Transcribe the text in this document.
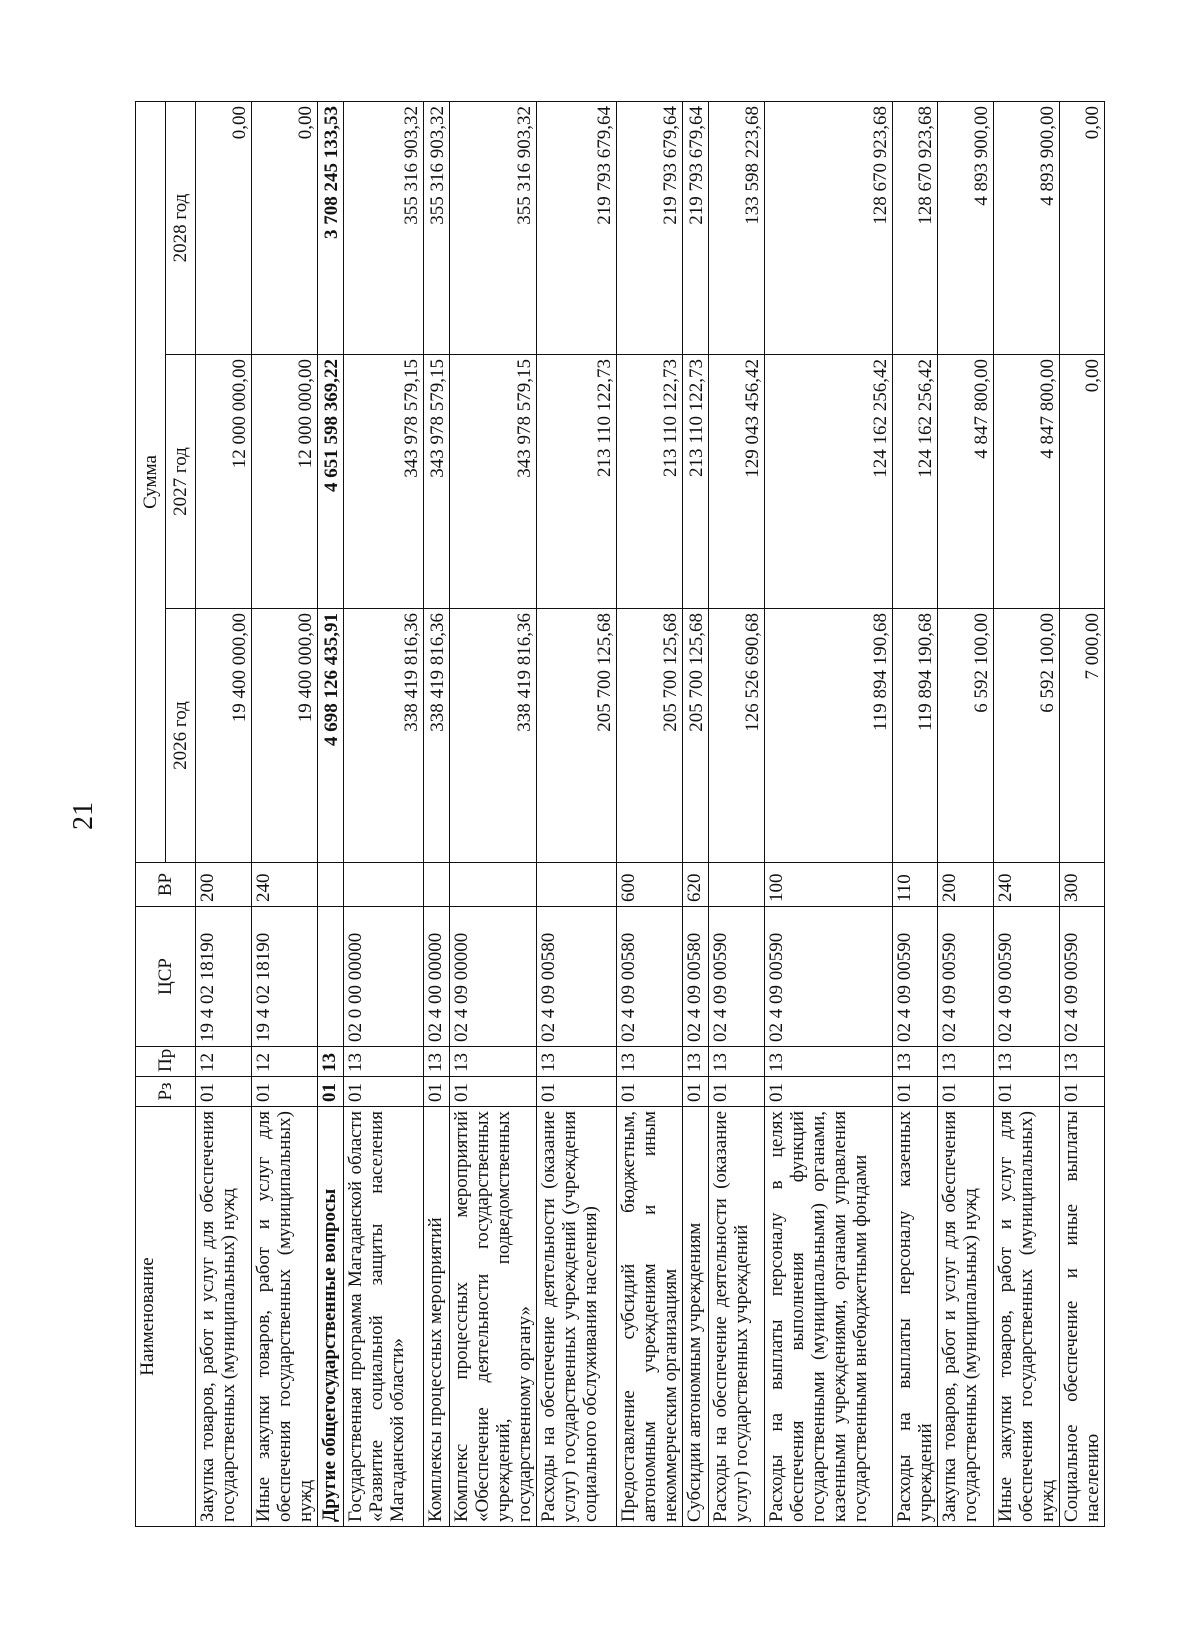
21
Наименование	Рз	Пр	ЦСР	ВР	Сумма		
					2026 год	2027 год	2028 год
Закупка товаров, работ и услуг для обеспечения государственных (муниципальных) нужд	01	12	19 4 02 18190	200	19 400 000,00	12 000 000,00	0,00
Иные закупки товаров, работ и услуг для обеспечения государственных (муниципальных) нужд	01	12	19 4 02 18190	240	19 400 000,00	12 000 000,00	0,00
Другие общегосударственные вопросы	01	13			4 698 126 435,91	4 651 598 369,22	3 708 245 133,53
Государственная программа Магаданской области «Развитие социальной защиты населения Магаданской области»	01	13	02 0 00 00000		338 419 816,36	343 978 579,15	355 316 903,32
Комплексы процессных мероприятий	01	13	02 4 00 00000		338 419 816,36	343 978 579,15	355 316 903,32
Комплекс процессных мероприятий «Обеспечение деятельности государственных учреждений, подведомственных государственному органу»	01	13	02 4 09 00000		338 419 816,36	343 978 579,15	355 316 903,32
Расходы на обеспечение деятельности (оказание услуг) государственных учреждений (учреждения социального обслуживания населения)	01	13	02 4 09 00580		205 700 125,68	213 110 122,73	219 793 679,64
Предоставление субсидий бюджетным, автономным учреждениям и иным некоммерческим организациям	01	13	02 4 09 00580	600	205 700 125,68	213 110 122,73	219 793 679,64
Субсидии автономным учреждениям	01	13	02 4 09 00580	620	205 700 125,68	213 110 122,73	219 793 679,64
Расходы на обеспечение деятельности (оказание услуг) государственных учреждений	01	13	02 4 09 00590		126 526 690,68	129 043 456,42	133 598 223,68
Расходы на выплаты персоналу в целях обеспечения выполнения функций государственными (муниципальными) органами, казенными учреждениями, органами управления государственными внебюджетными фондами	01	13	02 4 09 00590	100	119 894 190,68	124 162 256,42	128 670 923,68
Расходы на выплаты персоналу казенных учреждений	01	13	02 4 09 00590	110	119 894 190,68	124 162 256,42	128 670 923,68
Закупка товаров, работ и услуг для обеспечения государственных (муниципальных) нужд	01	13	02 4 09 00590	200	6 592 100,00	4 847 800,00	4 893 900,00
Иные закупки товаров, работ и услуг для обеспечения государственных (муниципальных) нужд	01	13	02 4 09 00590	240	6 592 100,00	4 847 800,00	4 893 900,00
Социальное обеспечение и иные выплаты населению	01	13	02 4 09 00590	300	7 000,00	0,00	0,00
